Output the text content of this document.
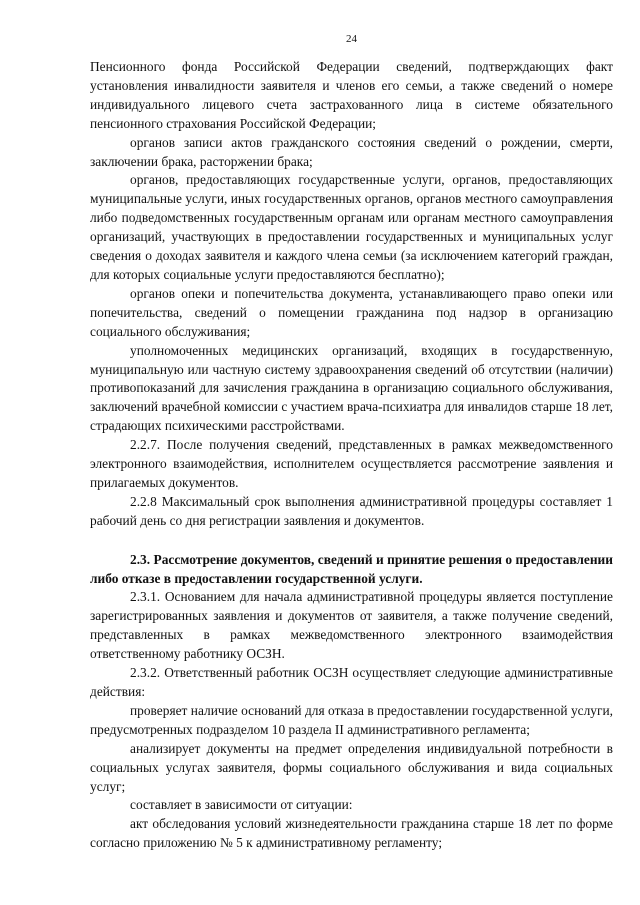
24

Пенсионного фонда Российской Федерации сведений, подтверждающих факт установления инвалидности заявителя и членов его семьи, а также сведений о номере индивидуального лицевого счета застрахованного лица в системе обязательного пенсионного страхования Российской Федерации;

органов записи актов гражданского состояния сведений о рождении, смерти, заключении брака, расторжении брака;

органов, предоставляющих государственные услуги, органов, предоставляющих муниципальные услуги, иных государственных органов, органов местного самоуправления либо подведомственных государственным органам или органам местного самоуправления организаций, участвующих в предоставлении государственных и муниципальных услуг сведения о доходах заявителя и каждого члена семьи (за исключением категорий граждан, для которых социальные услуги предоставляются бесплатно);

органов опеки и попечительства документа, устанавливающего право опеки или попечительства, сведений о помещении гражданина под надзор в организацию социального обслуживания;

уполномоченных медицинских организаций, входящих в государственную, муниципальную или частную систему здравоохранения сведений об отсутствии (наличии) противопоказаний для зачисления гражданина в организацию социального обслуживания, заключений врачебной комиссии с участием врача-психиатра для инвалидов старше 18 лет, страдающих психическими расстройствами.

2.2.7. После получения сведений, представленных в рамках межведомственного электронного взаимодействия, исполнителем осуществляется рассмотрение заявления и прилагаемых документов.

2.2.8 Максимальный срок выполнения административной процедуры составляет 1 рабочий день со дня регистрации заявления и документов.

2.3. Рассмотрение документов, сведений и принятие решения о предоставлении либо отказе в предоставлении государственной услуги.

2.3.1. Основанием для начала административной процедуры является поступление зарегистрированных заявления и документов от заявителя, а также получение сведений, представленных в рамках межведомственного электронного взаимодействия ответственному работнику ОСЗН.

2.3.2. Ответственный работник ОСЗН осуществляет следующие административные действия:

проверяет наличие оснований для отказа в предоставлении государственной услуги, предусмотренных подразделом 10 раздела II административного регламента;

анализирует документы на предмет определения индивидуальной потребности в социальных услугах заявителя, формы социального обслуживания и вида социальных услуг;

составляет в зависимости от ситуации:

акт обследования условий жизнедеятельности гражданина старше 18 лет по форме согласно приложению № 5 к административному регламенту;
